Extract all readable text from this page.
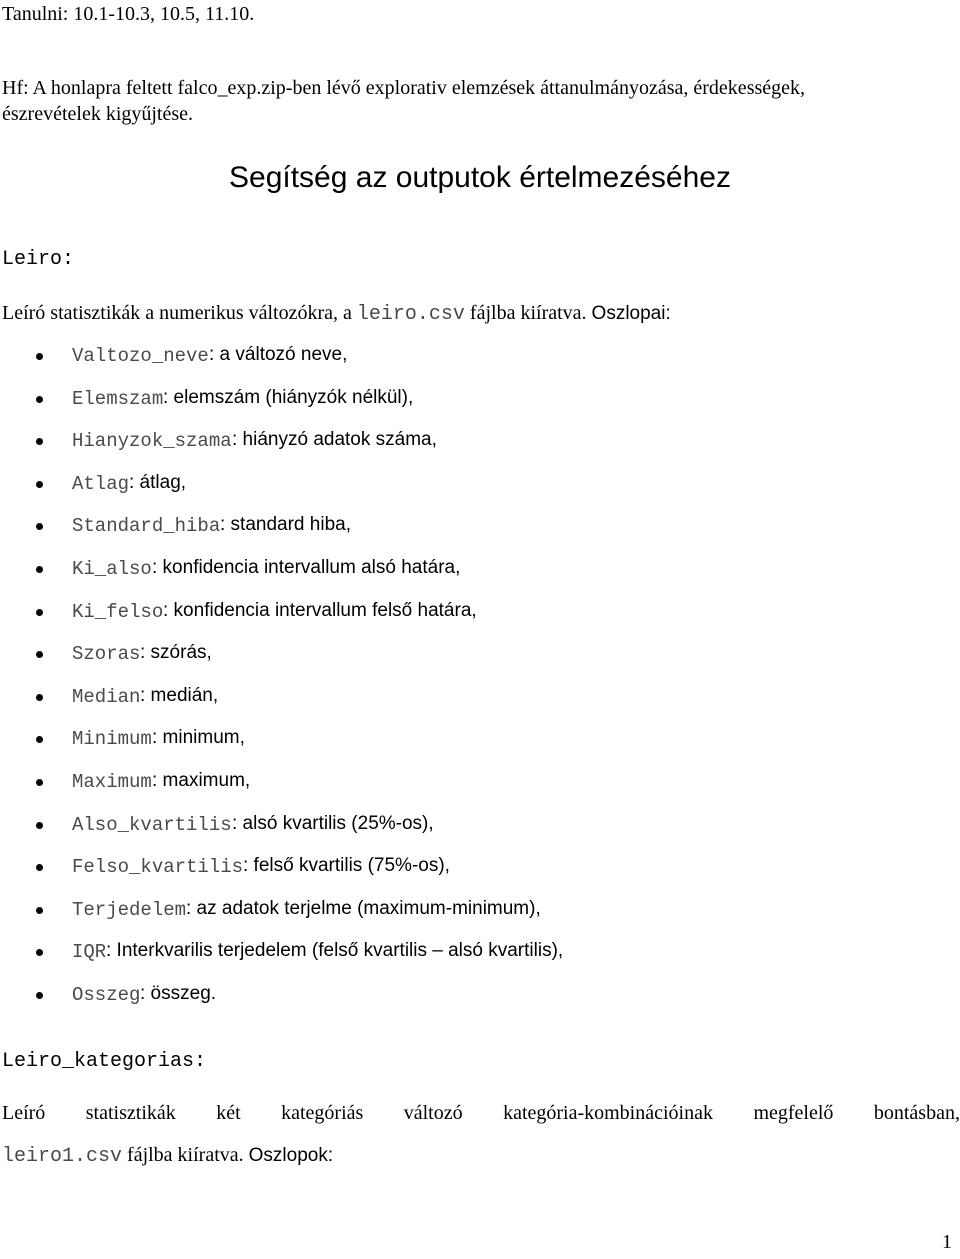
Tanulni: 10.1-10.3, 10.5, 11.10.
Hf: A honlapra feltett falco_exp.zip-ben lévő explorativ elemzések áttanulmányozása, érdekességek,
észrevételek kigyűjtése.
Segítség az outputok értelmezéséhez
Leiro:
Leíró statisztikák a numerikus változókra, a leiro.csv fájlba kiíratva. Oszlopai:
Valtozo_neve : a változó neve,
Elemszam : elemszám (hiányzók nélkül),
Hianyzok_szama : hiányzó adatok száma,
Atlag : átlag,
Standard_hiba : standard hiba,
Ki_also : konfidencia intervallum alsó határa,
Ki_felso : konfidencia intervallum felső határa,
Szoras : szórás,
Median : medián,
Minimum : minimum,
Maximum : maximum,
Also_kvartilis : alsó kvartilis (25%-os),
Felso_kvartilis : felső kvartilis (75%-os),
Terjedelem : az adatok terjelme (maximum-minimum),
IQR : Interkvarilis terjedelem (felső kvartilis – alsó kvartilis),
Osszeg : összeg.
Leiro_kategorias:
Leíró statisztikák két kategóriás változó kategória-kombinációinak megfelelő bontásban,
leiro1.csv fájlba kiíratva. Oszlopok:
1
